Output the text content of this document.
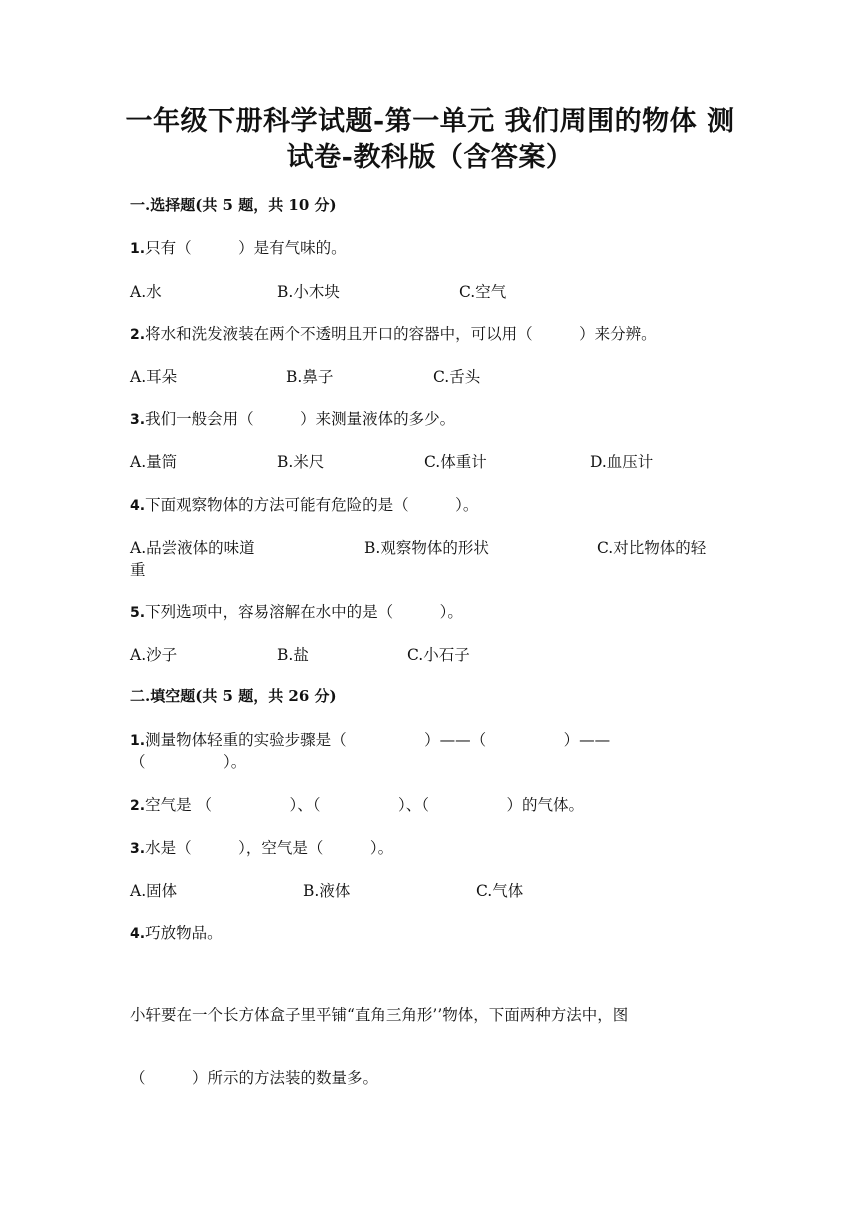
一年级下册科学试题-第一单元 我们周围的物体 测
试卷-教科版（含答案）
一.选择题(共 5 题，共 10 分)
1.只有（　　　）是有气味的。
A.水	B.小木块	C.空气
2.将水和洗发液装在两个不透明且开口的容器中，可以用（　　　）来分辨。
A.耳朵	B.鼻子	C.舌头
3.我们一般会用（　　　）来测量液体的多少。
A.量筒	B.米尺	C.体重计	D.血压计
4.下面观察物体的方法可能有危险的是（　　　）。
A.品尝液体的味道	B.观察物体的形状	C.对比物体的轻
重
5.下列选项中，容易溶解在水中的是（　　　）。
A.沙子	B.盐	C.小石子
二.填空题(共 5 题，共 26 分)
1.测量物体轻重的实验步骤是（　　　　　）——（　　　　　）——
（　　　　　）。
2.空气是 （　　　　　）、（　　　　　）、（　　　　　）的气体。
3.水是（　　　），空气是（　　　）。
A.固体	B.液体	C.气体
4.巧放物品。
小轩要在一个长方体盒子里平铺“直角三角形’’物体，下面两种方法中，图
（　　　）所示的方法装的数量多。
